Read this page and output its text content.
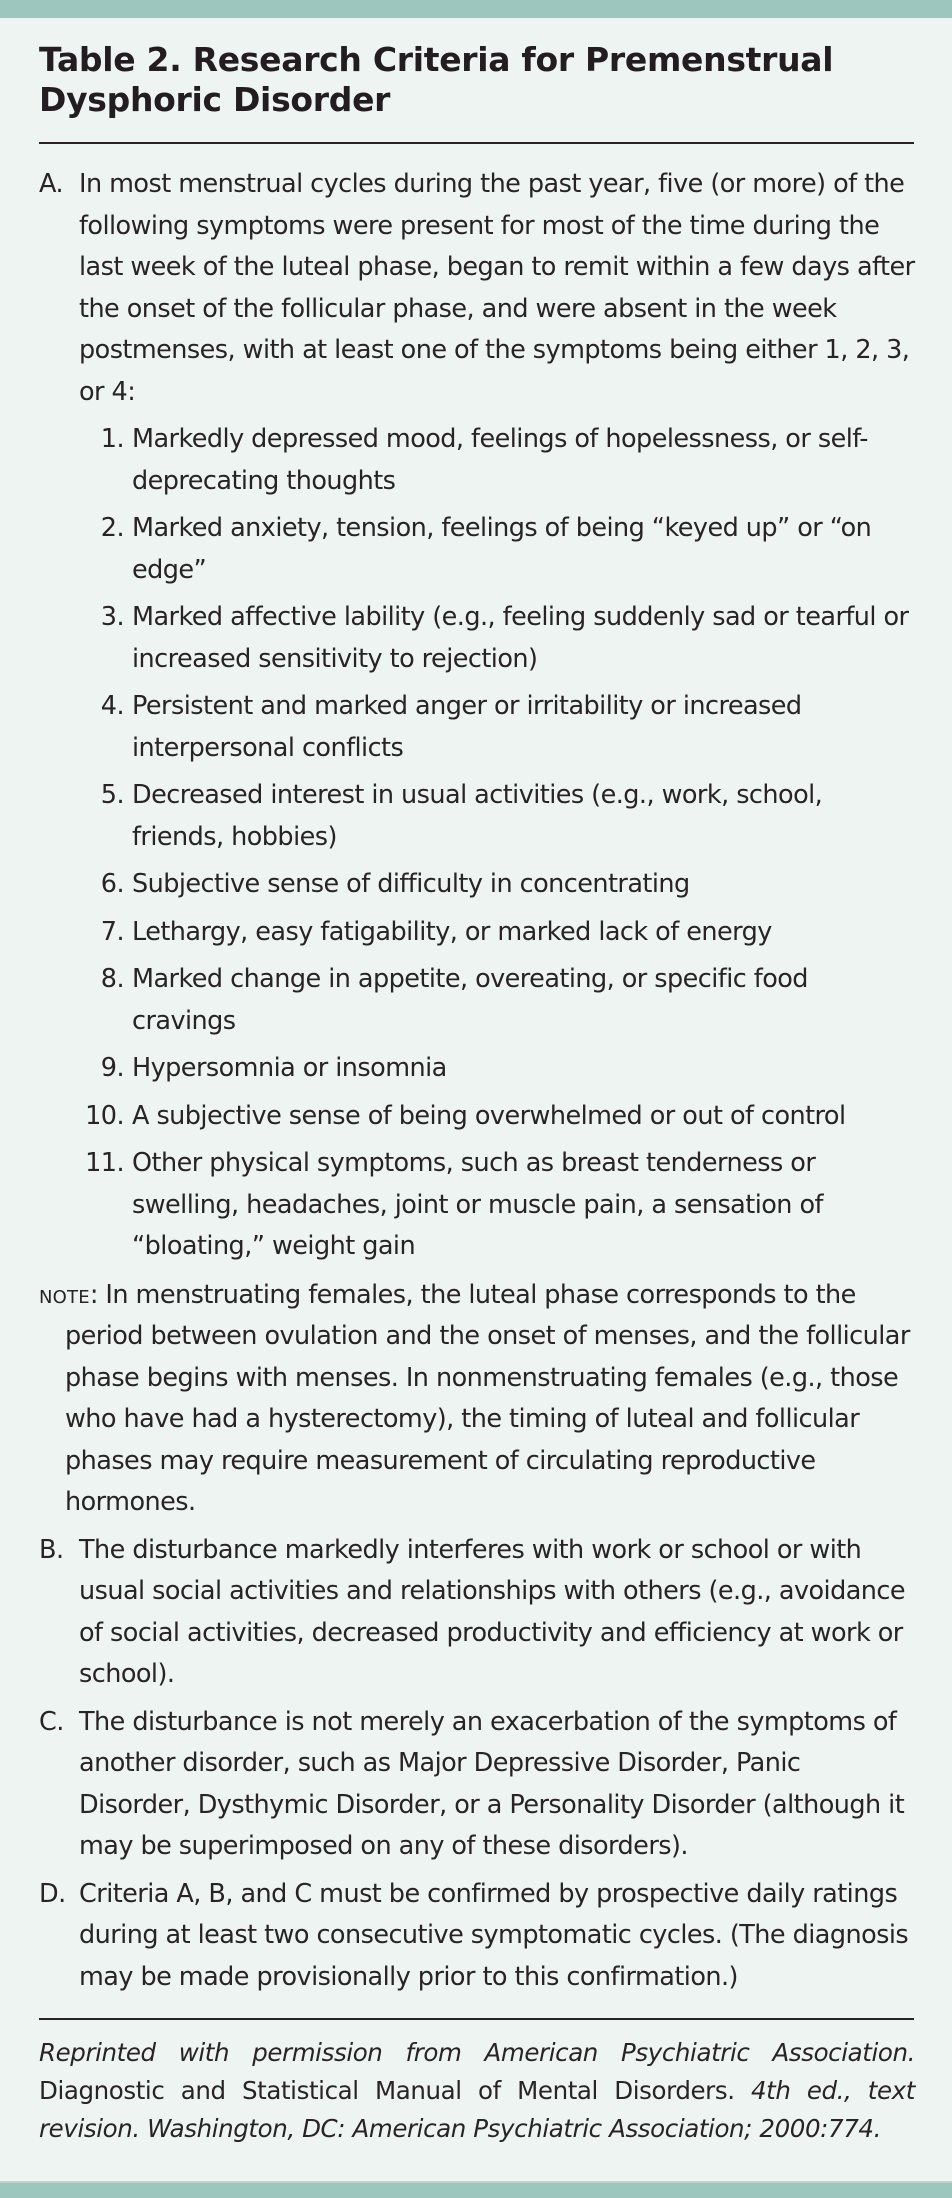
Table 2. Research Criteria for Premenstrual Dysphoric Disorder
A. In most menstrual cycles during the past year, five (or more) of the following symptoms were present for most of the time during the last week of the luteal phase, began to remit within a few days after the onset of the follicular phase, and were absent in the week postmenses, with at least one of the symptoms being either 1, 2, 3, or 4:
1. Markedly depressed mood, feelings of hopelessness, or self-deprecating thoughts
2. Marked anxiety, tension, feelings of being “keyed up” or “on edge”
3. Marked affective lability (e.g., feeling suddenly sad or tearful or increased sensitivity to rejection)
4. Persistent and marked anger or irritability or increased interpersonal conflicts
5. Decreased interest in usual activities (e.g., work, school, friends, hobbies)
6. Subjective sense of difficulty in concentrating
7. Lethargy, easy fatigability, or marked lack of energy
8. Marked change in appetite, overeating, or specific food cravings
9. Hypersomnia or insomnia
10. A subjective sense of being overwhelmed or out of control
11. Other physical symptoms, such as breast tenderness or swelling, headaches, joint or muscle pain, a sensation of “bloating,” weight gain
note: In menstruating females, the luteal phase corresponds to the period between ovulation and the onset of menses, and the follicular phase begins with menses. In nonmenstruating females (e.g., those who have had a hysterectomy), the timing of luteal and follicular phases may require measurement of circulating reproductive hormones.
B. The disturbance markedly interferes with work or school or with usual social activities and relationships with others (e.g., avoidance of social activities, decreased productivity and efficiency at work or school).
C. The disturbance is not merely an exacerbation of the symptoms of another disorder, such as Major Depressive Disorder, Panic Disorder, Dysthymic Disorder, or a Personality Disorder (although it may be superimposed on any of these disorders).
D. Criteria A, B, and C must be confirmed by prospective daily ratings during at least two consecutive symptomatic cycles. (The diagnosis may be made provisionally prior to this confirmation.)
Reprinted with permission from American Psychiatric Association. Diagnostic and Statistical Manual of Mental Disorders. 4th ed., text revision. Washington, DC: American Psychiatric Association; 2000:774.
